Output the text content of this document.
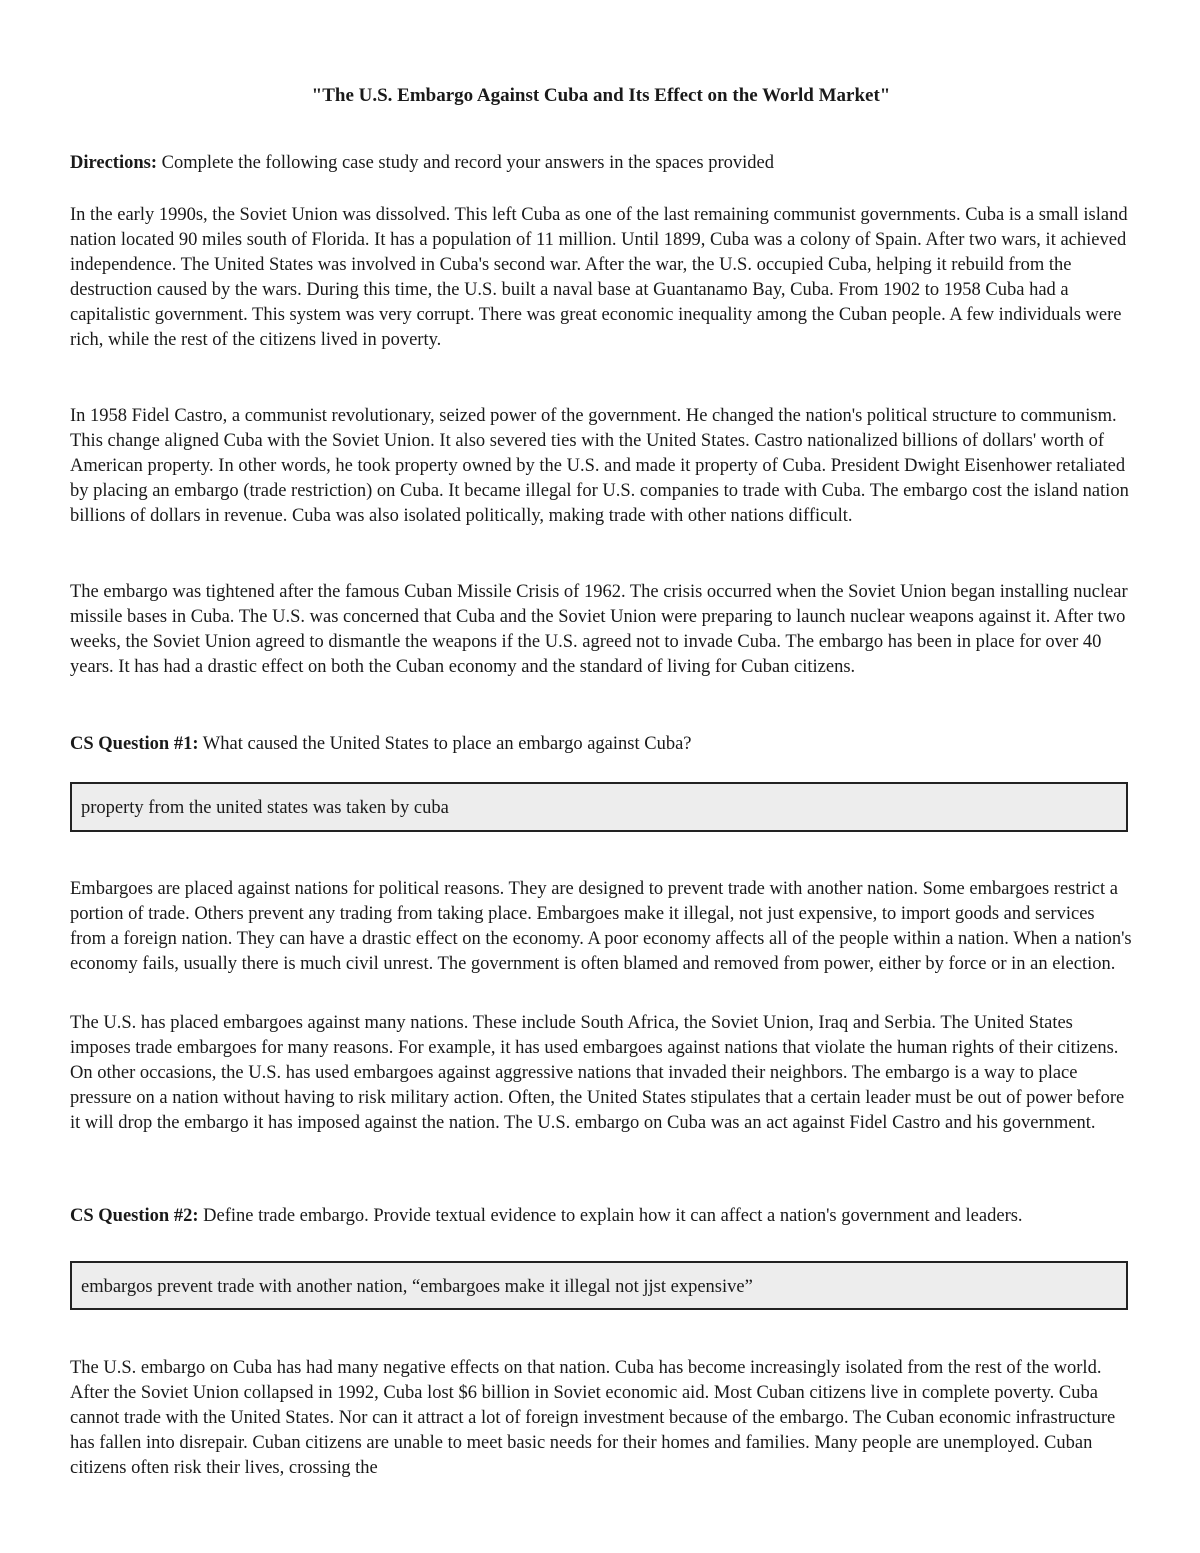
"The U.S. Embargo Against Cuba and Its Effect on the World Market"

Directions: Complete the following case study and record your answers in the spaces provided

In the early 1990s, the Soviet Union was dissolved. This left Cuba as one of the last remaining communist governments. Cuba is a small island nation located 90 miles south of Florida. It has a population of 11 million. Until 1899, Cuba was a colony of Spain. After two wars, it achieved independence. The United States was involved in Cuba's second war. After the war, the U.S. occupied Cuba, helping it rebuild from the destruction caused by the wars. During this time, the U.S. built a naval base at Guantanamo Bay, Cuba. From 1902 to 1958 Cuba had a capitalistic government. This system was very corrupt. There was great economic inequality among the Cuban people. A few individuals were rich, while the rest of the citizens lived in poverty.

In 1958 Fidel Castro, a communist revolutionary, seized power of the government. He changed the nation's political structure to communism. This change aligned Cuba with the Soviet Union. It also severed ties with the United States. Castro nationalized billions of dollars' worth of American property. In other words, he took property owned by the U.S. and made it property of Cuba. President Dwight Eisenhower retaliated by placing an embargo (trade restriction) on Cuba. It became illegal for U.S. companies to trade with Cuba. The embargo cost the island nation billions of dollars in revenue. Cuba was also isolated politically, making trade with other nations difficult.

The embargo was tightened after the famous Cuban Missile Crisis of 1962. The crisis occurred when the Soviet Union began installing nuclear missile bases in Cuba. The U.S. was concerned that Cuba and the Soviet Union were preparing to launch nuclear weapons against it. After two weeks, the Soviet Union agreed to dismantle the weapons if the U.S. agreed not to invade Cuba. The embargo has been in place for over 40 years. It has had a drastic effect on both the Cuban economy and the standard of living for Cuban citizens.

CS Question #1: What caused the United States to place an embargo against Cuba?

property from the united states was taken by cuba

Embargoes are placed against nations for political reasons. They are designed to prevent trade with another nation. Some embargoes restrict a portion of trade. Others prevent any trading from taking place. Embargoes make it illegal, not just expensive, to import goods and services from a foreign nation. They can have a drastic effect on the economy. A poor economy affects all of the people within a nation. When a nation's economy fails, usually there is much civil unrest. The government is often blamed and removed from power, either by force or in an election.

The U.S. has placed embargoes against many nations. These include South Africa, the Soviet Union, Iraq and Serbia. The United States imposes trade embargoes for many reasons. For example, it has used embargoes against nations that violate the human rights of their citizens. On other occasions, the U.S. has used embargoes against aggressive nations that invaded their neighbors. The embargo is a way to place pressure on a nation without having to risk military action. Often, the United States stipulates that a certain leader must be out of power before it will drop the embargo it has imposed against the nation. The U.S. embargo on Cuba was an act against Fidel Castro and his government.

CS Question #2: Define trade embargo. Provide textual evidence to explain how it can affect a nation's government and leaders.

embargos prevent trade with another nation, “embargoes make it illegal not jjst expensive”

The U.S. embargo on Cuba has had many negative effects on that nation. Cuba has become increasingly isolated from the rest of the world. After the Soviet Union collapsed in 1992, Cuba lost $6 billion in Soviet economic aid. Most Cuban citizens live in complete poverty. Cuba cannot trade with the United States. Nor can it attract a lot of foreign investment because of the embargo. The Cuban economic infrastructure has fallen into disrepair. Cuban citizens are unable to meet basic needs for their homes and families. Many people are unemployed. Cuban citizens often risk their lives, crossing the
